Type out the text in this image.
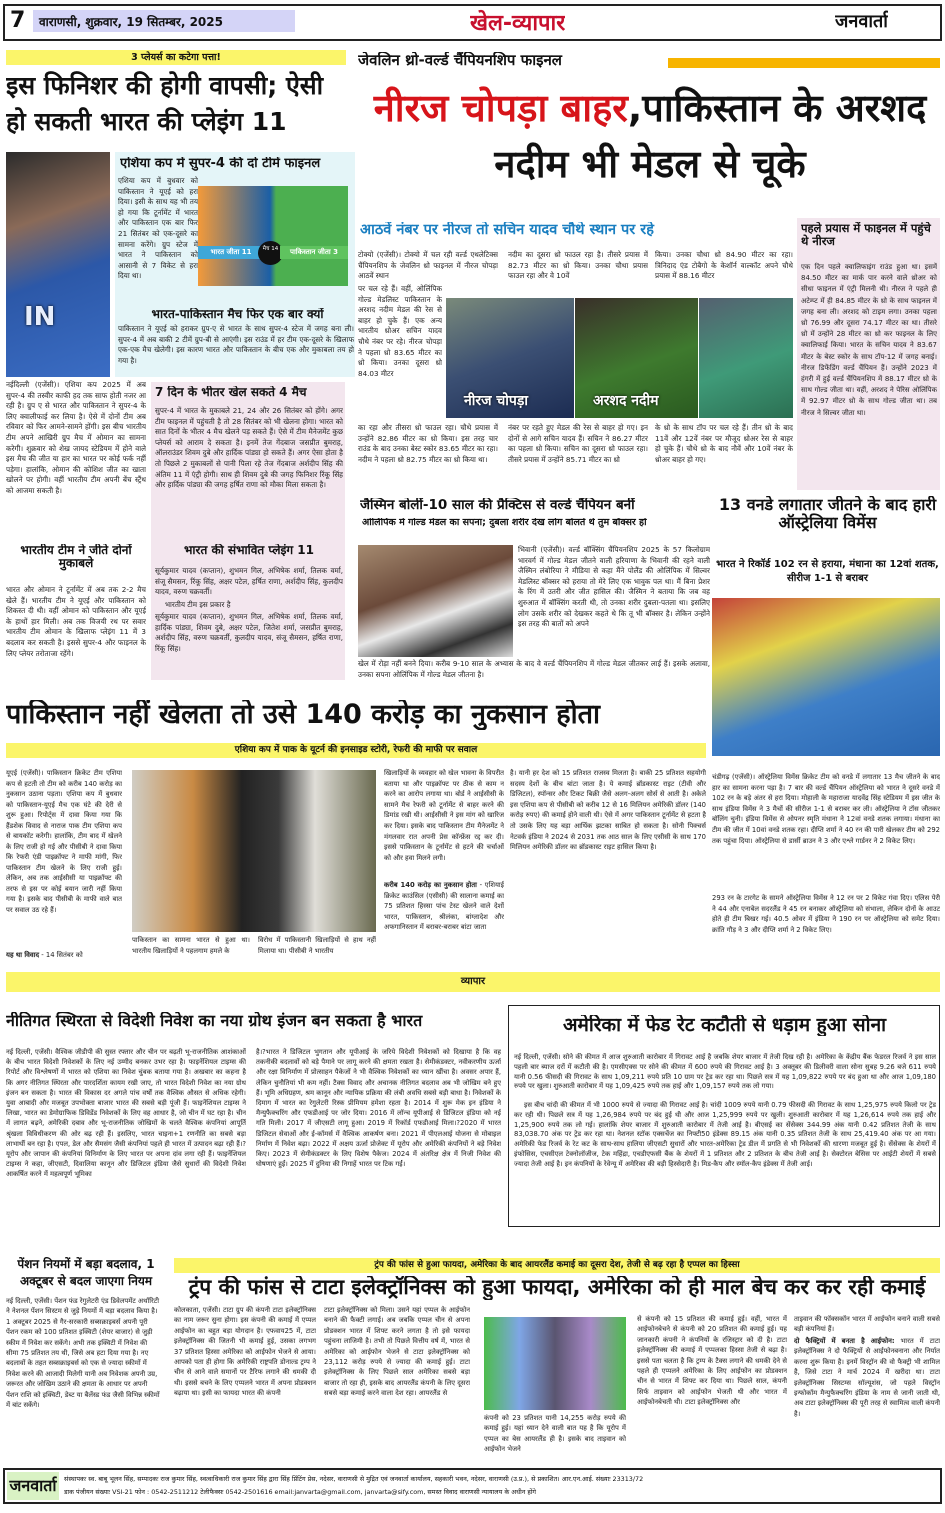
7	वाराणसी, शुक्रवार, 19 सितम्बर, 2025	खेल-व्यापार	जनवार्ता
3 प्लेयर्स का कटेगा पत्ता!
इस फिनिशर की होगी वापसी; ऐसी हो सकती भारत की प्लेइंग 11
IN
एशिया कप में सुपर-4 की दो टीमें फाइनल
एशिया कप में बुधवार को पाकिस्तान ने यूएई को हरा दिया। इसी के साथ यह भी तय हो गया कि टूर्नामेंट में भारत और पाकिस्तान एक बार फिर 21 सितंबर को एक-दूसरे का सामना करेंगे। ग्रुप स्टेज में भारत ने पाकिस्तान को आसानी से 7 विकेट से हरा दिया था।
भारत जीता 11	मैच 14	पाकिस्तान जीता 3
भारत-पाकिस्तान मैच फिर एक बार क्यों
पाकिस्तान ने यूएई को हराकर ग्रुप-ए से भारत के साथ सुपर-4 स्टेज में जगह बना ली। सुपर-4 में अब बाकी 2 टीमें ग्रुप-बी से आएंगी। इस राउंड में हर टीम एक-दूसरे के खिलाफ एक-एक मैच खेलेगी। इस कारण भारत और पाकिस्तान के बीच एक और मुकाबला तय हो गया है।
नईदिल्ली (एजेंसी)। एशिया कप 2025 में अब सुपर-4 की तस्वीर काफी हद तक साफ होती नजर आ रही है। ग्रुप ए से भारत और पाकिस्तान ने सुपर-4 के लिए क्वालीफाई कर लिया है। ऐसे में दोनों टीम अब रविवार को फिर आमने-सामने होंगी। इस बीच भारतीय टीम अपने आखिरी ग्रुप मैच में ओमान का सामना करेगी। शुक्रवार को शेख जायद स्टेडियम में होने वाले इस मैच की जीत या हार का भारत पर कोई फर्क नहीं पड़ेगा। हालांकि, ओमान की कोशिश जीत का खाता खोलने पर होगी। वहीं भारतीय टीम अपनी बेंच स्ट्रैंथ को आजमा सकती है।
भारतीय टीम ने जीते दोनों मुकाबले
भारत और ओमान ने टूर्नामेंट में अब तक 2-2 मैच खेले हैं। भारतीय टीम ने यूएई और पाकिस्तान को शिकस्त दी थी। वहीं ओमान को पाकिस्तान और यूएई के हाथों हार मिली। अब तक विजयी रथ पर सवार भारतीय टीम ओमान के खिलाफ प्लेइंग 11 में 3 बदलाव कर सकती है। इससे सुपर-4 और फाइनल के लिए प्लेयर तरोताजा रहेंगे।
7 दिन के भीतर खेल सकते 4 मैच
सुपर-4 में भारत के मुकाबले 21, 24 और 26 सितंबर को होंगे। अगर टीम फाइनल में पहुंचती है तो 28 सितंबर को भी खेलना होगा। भारत को सात दिनों के भीतर 4 मैच खेलने पड़ सकते हैं। ऐसे में टीम मैनेजमेंट कुछ प्लेयर्स को आराम दे सकता है। इनमें तेज गेंदबाज जसप्रीत बुमराह, ऑलराउंडर शिवम दुबे और हार्दिक पांड्या हो सकते हैं। अगर ऐसा होता है तो पिछले 2 मुकाबलों से पानी पिला रहे तेज गेंदबाज अर्शदीप सिंह की अंतिम 11 में एंट्री होगी। साथ ही शिवम दुबे की जगह फिनिशर रिंकू सिंह और हार्दिक पांड्या की जगह हर्षित राणा को मौका मिला सकता है।
भारत की संभावित प्लेइंग 11
सूर्यकुमार यादव (कप्तान), शुभमन गिल, अभिषेक शर्मा, तिलक वर्मा, संजू सैमसन, रिंकू सिंह, अक्षर पटेल, हर्षित राणा, अर्शदीप सिंह, कुलदीप यादव, वरुण चक्रवर्ती।
भारतीय टीम इस प्रकार है
सूर्यकुमार यादव (कप्तान), शुभमन गिल, अभिषेक शर्मा, तिलक वर्मा, हार्दिक पांड्या, शिवम दुबे, अक्षर पटेल, जितेश शर्मा, जसप्रीत बुमराह, अर्शदीप सिंह, वरुण चक्रवर्ती, कुलदीप यादव, संजू सैमसन, हर्षित राणा, रिंकू सिंह।
जेवलिन थ्रो-वर्ल्ड चैंपियनशिप फाइनल
नीरज चोपड़ा बाहर,पाकिस्तान के अरशद नदीम भी मेडल से चूके
आठवें नंबर पर नीरज तो सचिन यादव चौथे स्थान पर रहे
टोक्यो (एजेंसी)। टोक्यो में चल रही वर्ल्ड एथलेटिक्स चैंपियनशिप के जेवलिन थ्रो फाइनल में नीरज चोपड़ा आठवें स्थान
पर चल रहे हैं। वहीं, ओलिंपिक गोल्ड मेडलिस्ट पाकिस्तान के अरशद नदीम मेडल की रेस से बाहर हो चुके हैं। एक अन्य भारतीय थ्रोअर सचिन यादव चौथे नंबर पर रहे। नीरज चोपड़ा ने पहला थ्रो 83.65 मीटर का थ्रो किया। उनका दूसरा थ्रो 84.03 मीटर
का रहा और तीसरा थ्रो फाउल रहा। चौथे प्रयास में उन्होंने 82.86 मीटर का थ्रो किया। इस तरह चार राउंड के बाद उनका बेस्ट स्कोर 83.65 मीटर का रहा। नदीम ने पहला थ्रो 82.75 मीटर का थ्रो किया था।
नदीम का दूसरा थ्रो फाउल रहा है। तीसरे प्रयास में 82.73 मीटर का थ्रो किया। उनका चौथा प्रयास फाउल रहा और वे 10वें
नंबर पर रहते हुए मेडल की रेस से बाहर हो गए। इन दोनों से आगे सचिन यादव हैं। सचिन ने 86.27 मीटर का पहला थ्रो किया। सचिन का दूसरा थ्रो फाउल रहा। तीसरे प्रयास में उन्होंने 85.71 मीटर का थ्रो
किया। उनका चौथा थ्रो 84.90 मीटर का रहा। त्रिनिदाद एंड टोबैगो के केशॉर्न वाल्कॉट अपने चौथे प्रयास में 88.16 मीटर
के थ्रो के साथ टॉप पर चल रहे हैं। तीन थ्रो के बाद 11वें और 12वें नंबर पर मौजूद थ्रोअर रेस से बाहर हो चुके हैं। चौथे थ्रो के बाद नौवें और 10वें नंबर के थ्रोअर बाहर हो गए।
नीरज चोपड़ा	अरशद नदीम
पहले प्रयास में फाइनल में पहुंचे थे नीरज
एक दिन पहले क्वालिफाइंग राउंड हुआ था। इसमें 84.50 मीटर का मार्क पार करने वाले थ्रोअर को सीधा फाइनल में एंट्री मिलनी थी। नीरज ने पहले ही अटेम्प्ट में ही 84.85 मीटर के थ्रो के साथ फाइनल में जगह बना ली। अरशद को टाइम लगा। उनका पहला थ्रो 76.99 और दूसरा 74.17 मीटर का था। तीसरे थ्रो में उन्होंने 28 मीटर का थ्रो कर फाइनल के लिए क्वालिफाई किया। भारत के सचिन यादव ने 83.67 मीटर के बेस्ट स्कोर के साथ टॉप-12 में जगह बनाई। नीरज डिफेंडिंग वर्ल्ड चैंपियन हैं। उन्होंने 2023 में हंगरी में हुई वर्ल्ड चैंपियनशिप में 88.17 मीटर थ्रो के साथ गोल्ड जीता था। वहीं, अरशद ने पेरिस ओलिंपिक में 92.97 मीटर थ्रो के साथ गोल्ड जीता था। तब नीरज ने सिल्वर जीता था।
जैस्मिन बोलीं-10 साल की प्रैक्टिस से वर्ल्ड चैंपियन बनीं
ओलिंपिक में गोल्ड मेडल का सपना; दुबला शरीर देख लोग बोलते थे तुम बॉक्सर हो
भिवानी (एजेंसी)। वर्ल्ड बॉक्सिंग चैंपियनशिप 2025 के 57 किलोग्राम भारवर्ग में गोल्ड मेडल जीतने वाली हरियाणा के भिवानी की रहने वाली जैस्मिन लंबोरिया ने मीडिया से कहा मैंने पोलैंड की ओलिंपिक में सिल्वर मेडलिस्ट बॉक्सर को हराया तो मेरे लिए एक भावुक पल था। मैं बिना प्रेशर के रिंग में उतरी और जीत हासिल की। जैस्मिन ने बताया कि जब वह शुरुआत में बॉक्सिंग करती थी, तो उनका शरीर दुबला-पतला था। इसलिए लोग उसके शरीर को देखकर कहते थे कि तू भी बॉक्सर है। लेकिन उन्होंने इस तरह की बातों को अपने
खेल में रोड़ा नहीं बनने दिया। करीब 9-10 साल के अभ्यास के बाद वे वर्ल्ड चैंपियनशिप में गोल्ड मेडल जीतकर लाई हैं। इसके अलावा, उनका सपना ओलिंपिक में गोल्ड मेडल जीतना है।
13 वनडे लगातार जीतने के बाद हारी ऑस्ट्रेलिया विमेंस
भारत ने रिकॉर्ड 102 रन से हराया, मंधाना का 12वां शतक, सीरीज 1-1 से बराबर
पाकिस्तान नहीं खेलता तो उसे 140 करोड़ का नुकसान होता
एशिया कप में पाक के यूटर्न की इनसाइड स्टोरी, रेफरी की माफी पर सवाल
यूएई (एजेंसी)। पाकिस्तान क्रिकेट टीम एशिया कप से हटती तो टीम को करीब 140 करोड़ का नुकसान उठाना पड़ता। एशिया कप में बुधवार को पाकिस्तान-यूएई मैच एक घंटे की देरी से शुरू हुआ। रिपोर्ट्स में दावा किया गया कि हैंडशेक विवाद से नाराज पाक टीम एशिया कप से बायकॉट करेगी। हालांकि, टीम बाद में खेलने के लिए राजी हो गई और पीसीबी ने दावा किया कि रेफरी एंडी पाइक्रॉफ्ट ने माफी मांगी, फिर पाकिस्तान टीम खेलने के लिए राजी हुई। लेकिन, अब तक आईसीसी या पाइक्रॉफ्ट की तरफ से इस पर कोई बयान जारी नहीं किया गया है। इसके बाद पीसीबी के माफी वाले बात पर सवाल उठ रहे हैं।
यह था विवाद - 14 सितंबर को
पाकिस्तान का सामना भारत से हुआ था। भारतीय खिलाड़ियों ने पहलगाम हमले के
विरोध में पाकिस्तानी खिलाड़ियों से हाथ नहीं मिलाया था। पीसीबी ने भारतीय
खिलाड़ियों के व्यवहार को खेल भावना के विपरीत बताया था और पाइक्रॉफ्ट पर ठीक से काम न करने का आरोप लगाया था। बोर्ड ने आईसीसी के सामने मैच रेफरी को टूर्नामेंट से बाहर करने की डिमांड रखी थी। आईसीसी ने इस मांग को खारिज कर दिया। इसके बाद पाकिस्तान टीम मैनेजमेंट ने मंगलवार रात अपनी प्रेस कॉन्फ्रेंस रद्द कर दी। इससे पाकिस्तान के टूर्नामेंट से हटने की चर्चाओं को और हवा मिलने लगी।
करीब 140 करोड़ का नुकसान होता - एशियाई क्रिकेट काउंसिल (एसीसी) की सालाना कमाई का 75 प्रतिशत हिस्सा पांच टेस्ट खेलने वाले देशों भारत, पाकिस्तान, श्रीलंका, बांग्लादेश और अफगानिस्तान में बराबर-बराबर बांटा जाता
है। यानी हर देश को 15 प्रतिशत राजस्व मिलता है। बाकी 25 प्रतिशत सहयोगी सदस्य देशों के बीच बांटा जाता है। ये कमाई ब्रॉडकास्ट राइट (टीवी और डिजिटल), स्पॉन्सर और टिकट बिक्री जैसे अलग-अलग सोर्स से आती है। अकेले इस एशिया कप से पीसीबी को करीब 12 से 16 मिलियन अमेरिकी डॉलर (140 करोड़ रुपए) की कमाई होने वाली थी। ऐसे में अगर पाकिस्तान टूर्नामेंट से हटता है तो उसके लिए यह बड़ा आर्थिक झटका साबित हो सकता है। सोनी पिक्चर्स नेटवर्क इंडिया ने 2024 से 2031 तक आठ साल के लिए एसीसी के साथ 170 मिलियन अमेरिकी डॉलर का ब्रॉडकास्ट राइट हासिल किया है।
चंडीगढ़ (एजेंसी)। ऑस्ट्रेलिया विमेंस क्रिकेट टीम को वनडे में लगातार 13 मैच जीतने के बाद हार का सामना करना पड़ा है। 7 बार की वर्ल्ड चैंपियन ऑस्ट्रेलिया को भारत ने दूसरे वनडे में 102 रन के बड़े अंतर से हरा दिया। मोहाली के महाराजा यादवेंद्र सिंह स्टेडियम में इस जीत के साथ इंडिया विमेंस ने 3 मैचों की सीरीज 1-1 से बराबर कर ली। ऑस्ट्रेलिया ने टॉस जीतकर बॉलिंग चुनी। इंडिया विमेंस से ओपनर स्मृति मंधाना ने 12वां वनडे शतक लगाया। मंधाना का टीम की जीत में 10वां वनडे शतक रहा। दीप्ति शर्मा ने 40 रन की पारी खेलकर टीम को 292 तक पहुंचा दिया। ऑस्ट्रेलिया से डार्सी ब्राउन ने 3 और एश्ले गार्डनर ने 2 विकेट लिए।
293 रन के टारगेट के सामने ऑस्ट्रेलिया विमेंस ने 12 रन पर 2 विकेट गंवा दिए। एलिस पेरी ने 44 और एनाबेल सदरलैंड ने 45 रन बनाकर ऑस्ट्रेलिया को संभाला, लेकिन दोनों के आउट होते ही टीम बिखर गई। 40.5 ओवर में इंडिया ने 190 रन पर ऑस्ट्रेलिया को समेट दिया। क्रांति गौड़ ने 3 और दीप्ति शर्मा ने 2 विकेट लिए।
व्यापार
नीतिगत स्थिरता से विदेशी निवेश का नया ग्रोथ इंजन बन सकता है भारत
नई दिल्ली, एजेंसी। वैश्विक जीडीपी की सुस्त रफ्तार और चीन पर बढ़ती भू-राजनीतिक आशंकाओं के बीच भारत विदेशी निवेशकों के लिए नई उम्मीद बनकर उभर रहा है। फाइनेंशियल टाइम्स की रिपोर्ट और विश्लेषणों में भारत को एशिया का निवेश चुंबक बताया गया है। अखबार का कहना है कि अगर नीतिगत स्थिरता और पारदर्शिता कायम रखी जाए, तो भारत विदेशी निवेश का नया ग्रोथ इंजन बन सकता है। भारत की विकास दर अगले पांच वर्षों तक वैश्विक औसत से अधिक रहेगी। युवा आबादी और मजबूत उपभोक्ता बाजार भारत की सबसे बड़ी पूंजी हैं। फाइनेंशियल टाइम्स ने लिखा, भारत का डेमोग्राफिक डिविडेंड निवेशकों के लिए वह आधार है, जो चीन में घट रहा है। चीन में लागत बढ़ने, अमेरिकी दबाव और भू-राजनीतिक जोखिमों के चलते वैश्विक कंपनियां आपूर्ति श्रृंखला विविधीकरण की ओर बढ़ रही हैं। इसलिए, भारत चाइना+1 रणनीति का सबसे बड़ा लाभार्थी बन रहा है। एपल, डेल और सैमसंग जैसी कंपनियां पहले ही भारत में उत्पादन बढ़ा रही हैं।?यूरोप और जापान की कंपनियां विनिर्माण के लिए भारत पर अपना दांव लगा रही हैं। फाइनेंशियल टाइम्स ने कहा, जीएसटी, दिवालिया कानून और डिजिटल इंडिया जैसे सुधारों की विदेशी निवेश आकर्षित करने में महत्वपूर्ण भूमिका
है।?भारत ने डिजिटल भुगतान और यूपीआई के जरिये विदेशी निवेशकों को दिखाया है कि वह तकनीकी बदलावों को बड़े पैमाने पर लागू करने की क्षमता रखता है। सेमीकंडक्टर, नवीकरणीय ऊर्जा और रक्षा विनिर्माण में प्रोत्साहन पैकेजों ने भी वैश्विक निवेशकों का ध्यान खींचा है। अवसर अपार हैं, लेकिन चुनौतियां भी कम नहीं। टैक्स विवाद और अचानक नीतिगत बदलाव अब भी जोखिम बने हुए हैं। भूमि अधिग्रहण, श्रम कानून और न्यायिक प्रक्रिया की लंबी अवधि सबसे बड़ी बाधा है। निवेशकों के दिमाग में भारत का रेगुलेटरी रिस्क प्रीमियम हमेशा रहता है। 2014 में शुरू मेक इन इंडिया ने मैन्युफैक्चरिंग और एफडीआई पर जोर दिया। 2016 में लॉन्च यूपीआई से डिजिटल इंडिया को नई गति मिली। 2017 में जीएसटी लागू हुआ। 2019 में रिकॉर्ड एफडीआई मिला।?2020 में भारत डिजिटल सेवाओं और ई-कॉमर्स में वैश्विक आकर्षण बना। 2021 में पीएलआई योजना से मोबाइल निर्माण में निवेश बढ़ा। 2022 में अक्षय ऊर्जा प्रोजेक्ट में यूरोप और अमेरिकी कंपनियों ने बड़े निवेश किए। 2023 में सेमीकंडक्टर के लिए विशेष पैकेज। 2024 में अंतरिक्ष क्षेत्र में निजी निवेश की घोषणाएं हुईं। 2025 में दुनिया की निगाहें भारत पर टिक गईं।
अमेरिका में फेड रेट कटौती से धड़ाम हुआ सोना
नई दिल्ली, एजेंसी। सोने की कीमत में आज शुरुआती कारोबार में गिरावट आई है जबकि शेयर बाजार में तेजी दिख रही है। अमेरिका के केंद्रीय बैंक फेडरल रिजर्व ने इस साल पहली बार ब्याज दरों में कटौती की है। एमसीएक्स पर सोने की कीमत में 600 रुपये की गिरावट आई है। 3 अक्तूबर की डिलीवरी वाला सोना सुबह 9.26 बजे 611 रुपये यानी 0.56 फीसदी की गिरावट के साथ 1,09,211 रुपये प्रति 10 ग्राम पर ट्रेड कर रहा था। पिछले सत्र में यह 1,09,822 रुपये पर बंद हुआ था और आज 1,09,180 रुपये पर खुला। शुरुआती कारोबार में यह 1,09,425 रुपये तक हाई और 1,09,157 रुपये तक लो गया।
इस बीच चांदी की कीमत में भी 1000 रुपये से ज्यादा की गिरावट आई है। चांदी 1009 रुपये यानी 0.79 फीसदी की गिरावट के साथ 1,25,975 रुपये किलो पर ट्रेड कर रही थी। पिछले सत्र में यह 1,26,984 रुपये पर बंद हुई थी और आज 1,25,999 रुपये पर खुली। शुरुआती कारोबार में यह 1,26,614 रुपये तक हाई और 1,25,900 रुपये तक लो गई। हालांकि शेयर बाजार में शुरुआती कारोबार में तेजी आई है। बीएसई का सेंसेक्स 344.99 अंक यानी 0.42 प्रतिशत तेजी के साथ 83,038.70 अंक पर ट्रेड कर रहा था। नेशनल स्टॉक एक्सचेंज का निफ्टी50 इंडेक्स 89.15 अंक यानी 0.35 प्रतिशत तेजी के साथ 25,419.40 अंक पर आ गया। अमेरिकी फेड रिजर्व के रेट कट के साथ-साथ हालिया जीएसटी सुधारों और भारत-अमेरिका ट्रेड डील में प्रगति से भी निवेशकों की धारणा मजबूत हुई है। सेंसेक्स के शेयरों में इंफोसिस, एचसीएल टेक्नोलॉजीज, टेक महिंद्रा, एचडीएफसी बैंक के शेयरों में 1 प्रतिशत और 2 प्रतिशत के बीच तेजी आई है। सेक्टोरल बेसिस पर आईटी शेयरों में सबसे ज्यादा तेजी आई है। इन कंपनियों के रेवेन्यू में अमेरिका की बड़ी हिस्सेदारी है। मिड-कैप और स्मॉल-कैप इंडेक्स में तेजी आई।
पेंशन नियमों में बड़ा बदलाव, 1 अक्टूबर से बदल जाएगा नियम
नई दिल्ली, एजेंसी। पेंशन फंड रेगुलेटरी एंड डिवेलपमेंट अथॉरिटी ने नेशनल पेंशन सिस्टम से जुड़े नियमों में बड़ा बदलाव किया है। 1 अक्टूबर 2025 से गैर-सरकारी सब्सक्राइबर्स अपनी पूरी पेंशन रकम को 100 प्रतिशत इक्विटी (शेयर बाजार) से जुड़ी स्कीम में निवेश कर सकेंगे। अभी तक इक्विटी में निवेश की सीमा 75 प्रतिशत तय थी, जिसे अब हटा दिया गया है। नए बदलावों के तहत सब्सक्राइबर्स को एक से ज्यादा स्कीमों में निवेश करने की आजादी मिलेगी यानी अब निवेशक अपनी उम्र, जरूरत और जोखिम उठाने की क्षमता के आधार पर अपनी पेंशन राशि को इक्विटी, डेब्ट या बैलेंस्ड फंड जैसी विभिन्न स्कीमों में बांट सकेंगे।
ट्रंप की फांस से हुआ फायदा, अमेरिका के बाद आयरलैंड कमाई का दूसरा देश, तेजी से बढ़ रहा है एप्पल का हिस्सा
ट्रंप की फांस से टाटा इलेक्ट्रॉनिक्स को हुआ फायदा, अमेरिका को ही माल बेच कर कर रही कमाई
कोलकाता, एजेंसी। टाटा ग्रुप की कंपनी टाटा इलेक्ट्रॉनिक्स का नाम जरूर सुना होगा। इस कंपनी की कमाई में एप्पल आईफोन का बहुत बड़ा योगदान है। एफवाय25 में, टाटा इलेक्ट्रॉनिक्स की जितनी भी कमाई हुई, उसका लगभग 37 प्रतिशत हिस्सा अमेरिका को आईफोन भेजने से आया। आपको पता ही होगा कि अमेरिकी राष्ट्रपति डोनाल्ड ट्रम्प ने चीन से आने वाले समानों पर टैरिफ लगाने की धमकी दी थी। इससे बचने के लिए एप्पलने भारत में अपना प्रोडक्शन बढ़ाया था। इसी का फायदा भारत की कंपनी
टाटा इलेक्ट्रॉनिक्स को मिला। उसने यहां एप्पल के आईफोन बनाने की फैक्टी लगाई। अब जबकि एप्पल चीन से अपना प्रोडक्शन भारत में शिफ्ट करने लगता है तो इसे फायदा पहुंचना लाजिमी है। तभी तो पिछले वित्तीय वर्ष में, भारत से अमेरिका को आईफोन भेजने से टाटा इलेक्ट्रॉनिक्स को 23,112 करोड़ रुपये से ज्यादा की कमाई हुई। टाटा इलेक्ट्रॉनिक्स के लिए पिछले साल अमेरिका सबसे बड़ा बाजार तो रहा ही, इसके बाद आयरलैंड कंपनी के लिए दूसरा सबसे बड़ा कमाई करने वाला देश रहा। आयरलैंड से
कंपनी को 23 प्रतिशत यानी 14,255 करोड़ रुपये की कमाई हुई। यहां ध्यान देने वाली बात यह है कि यूरोप में एप्पल का बेस आयरलैंड ही है। इसके बाद ताइवान को आईफोन भेजने
से कंपनी को 15 प्रतिशत की कमाई हुई। वहीं, भारत में आईफोनबेचने से कंपनी को 20 प्रतिशत की कमाई हुई। यह जानकारी कंपनी ने कंपनियों के रजिस्ट्रार को दी है। टाटा इलेक्ट्रॉनिक्स की कमाई में एप्पलका हिस्सा तेजी से बढ़ा है। इससे पता चलता है कि ट्रम्प के टैक्स लगाने की धमकी देने से पहले ही एप्पलने अमेरिका के लिए आईफोन का प्रोडक्शन चीन से भारत में शिफ्ट कर दिया था। पिछले साल, कंपनी सिर्फ ताइवान को आईफोन भेजती थी और भारत में आईफोनबेचती थी। टाटा इलेक्ट्रॉनिक्स और
ताइवान की फॉक्सकॉन भारत में आईफोन बनाने वाली सबसे बड़ी कंपनियां हैं।
दो फैक्ट्रियों में बनता है आईफोन: भारत में टाटा इलेक्ट्रॉनिक्स ने दो फैक्ट्रियों से आईफोनबनाना और निर्यात करना शुरू किया है। इनमें विस्ट्रॉन की वो फैक्ट्री भी शामिल है, जिसे टाटा ने मार्च 2024 में खरीदा था। टाटा इलेक्ट्रॉनिक्स सिस्टम्स सॉल्यूशंस, जो पहले विस्ट्रॉन इन्फोकॉम मैन्युफैक्चरिंग इंडिया के नाम से जानी जाती थी, अब टाटा इलेक्ट्रॉनिक्स की पूरी तरह से स्वामित्व वाली कंपनी है।
जनवार्ता	संस्थापकः स्व. बाबू भूलन सिंह, सम्पादकः राज कुमार सिंह, स्वत्वाधिकारी राज कुमार सिंह द्वारा सिंह प्रिंटिंग प्रेस, नदेसर, वाराणसी से मुद्रित एवं जनवार्ता कार्यालय, सहकारी भवन, नदेसर, वाराणसी (उ.प्र.), से प्रकाशित। आर.एन.आई. संख्याः 23313/72
डाक पंजीयन संख्याः VSI-21 फोन : 0542-2511212 टेलीफैक्सः 0542-2501616 email:janvarta@gmail.com, janvarta@sify.com, समस्त विवाद वाराणसी न्यायालय के अधीन होंगे
